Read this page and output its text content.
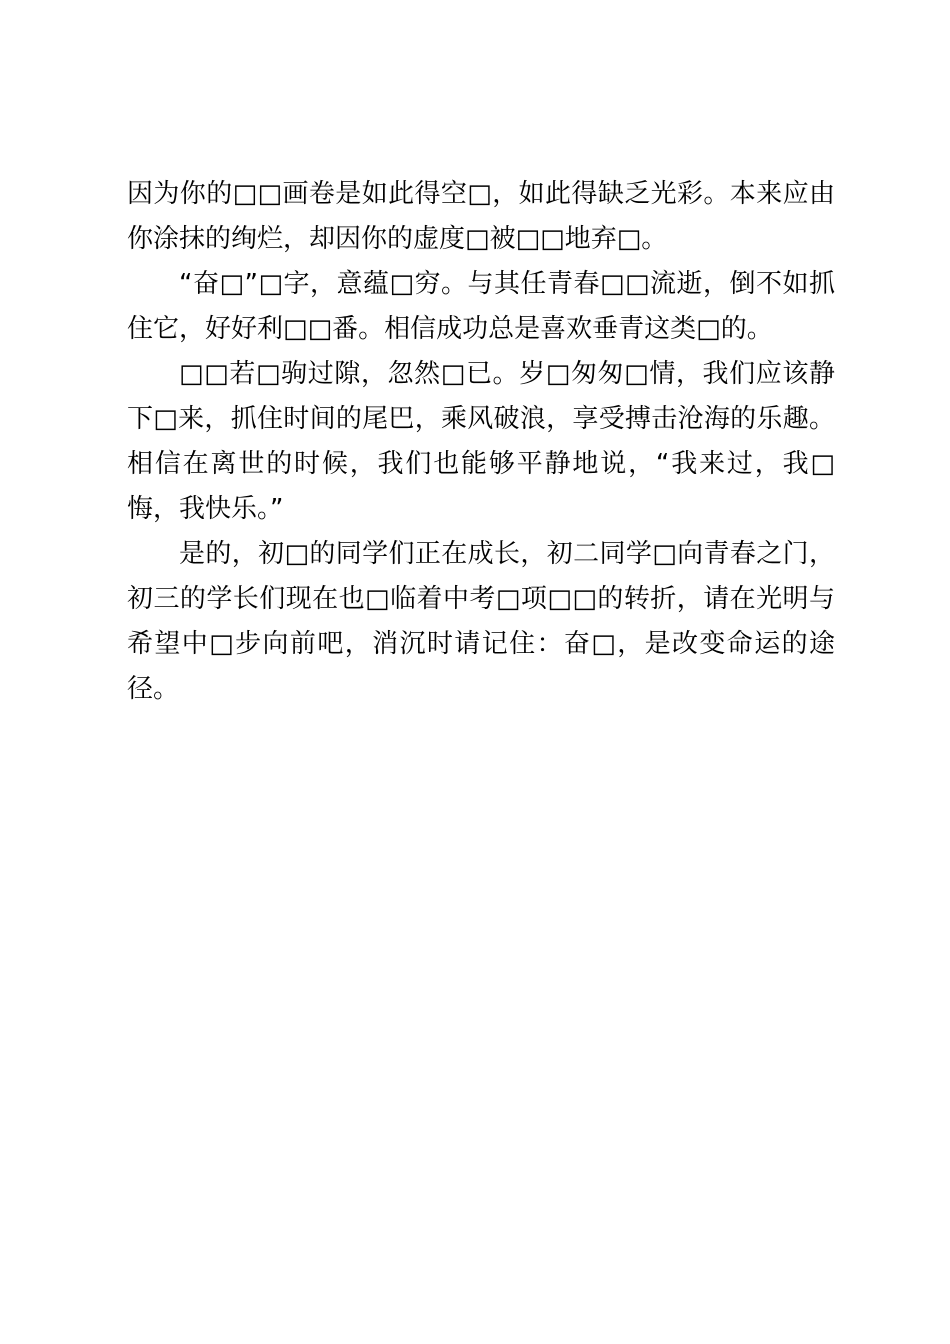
因为你的□□画卷是如此得空□，如此得缺乏光彩。本来应由你涂抹的绚烂，却因你的虚度□被□□地弃□。

“奋□”□字，意蕴□穷。与其任青春□□流逝，倒不如抓住它，好好利□□番。相信成功总是喜欢垂青这类□的。

□□若□驹过隙，忽然□已。岁□匆匆□情，我们应该静下□来，抓住时间的尾巴，乘风破浪，享受搏击沧海的乐趣。相信在离世的时候，我们也能够平静地说，“我来过，我□悔，我快乐。”

是的，初□的同学们正在成长，初二同学□向青春之门，初三的学长们现在也□临着中考□项□□的转折，请在光明与希望中□步向前吧，消沉时请记住：奋□，是改变命运的途径。
